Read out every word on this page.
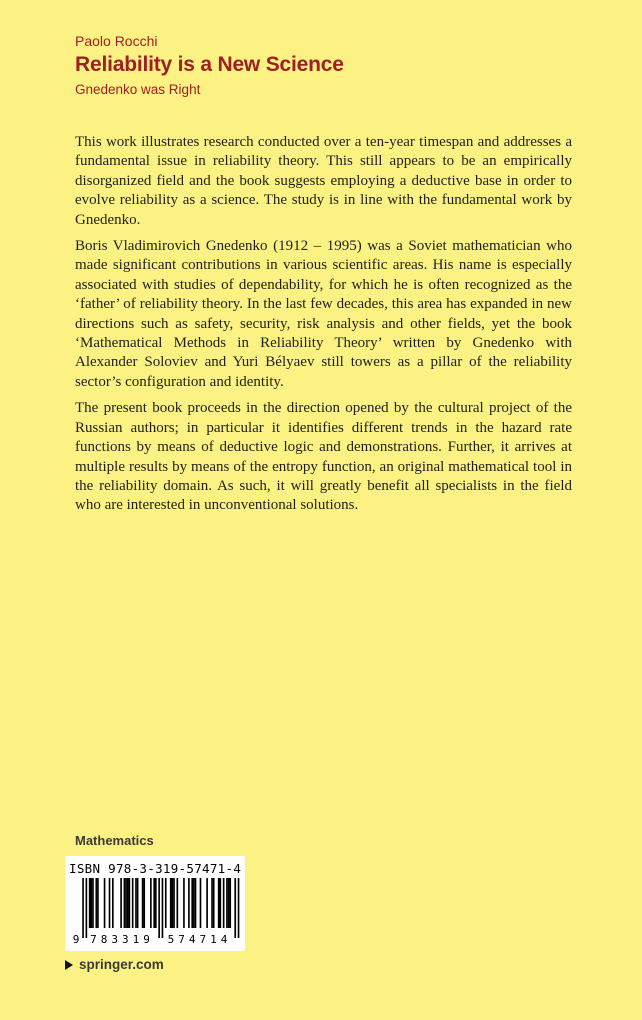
Paolo Rocchi

Reliability is a New Science

Gnedenko was Right

This work illustrates research conducted over a ten-year timespan and addresses a fundamental issue in reliability theory. This still appears to be an empirically disorganized field and the book suggests employing a deductive base in order to evolve reliability as a science. The study is in line with the fundamental work by Gnedenko.

Boris Vladimirovich Gnedenko (1912 – 1995) was a Soviet mathematician who made significant contributions in various scientific areas. His name is especially associated with studies of dependability, for which he is often recognized as the ‘father’ of reliability theory. In the last few decades, this area has expanded in new directions such as safety, security, risk analysis and other fields, yet the book ‘Mathematical Methods in Reliability Theory’ written by Gnedenko with Alexander Soloviev and Yuri Bélyaev still towers as a pillar of the reliability sector’s configuration and identity.

The present book proceeds in the direction opened by the cultural project of the Russian authors; in particular it identifies different trends in the hazard rate functions by means of deductive logic and demonstrations. Further, it arrives at multiple results by means of the entropy function, an original mathematical tool in the reliability domain. As such, it will greatly benefit all specialists in the field who are interested in unconventional solutions.

Mathematics
ISBN 978-3-319-57471-4
9 783319 574714
springer.com
